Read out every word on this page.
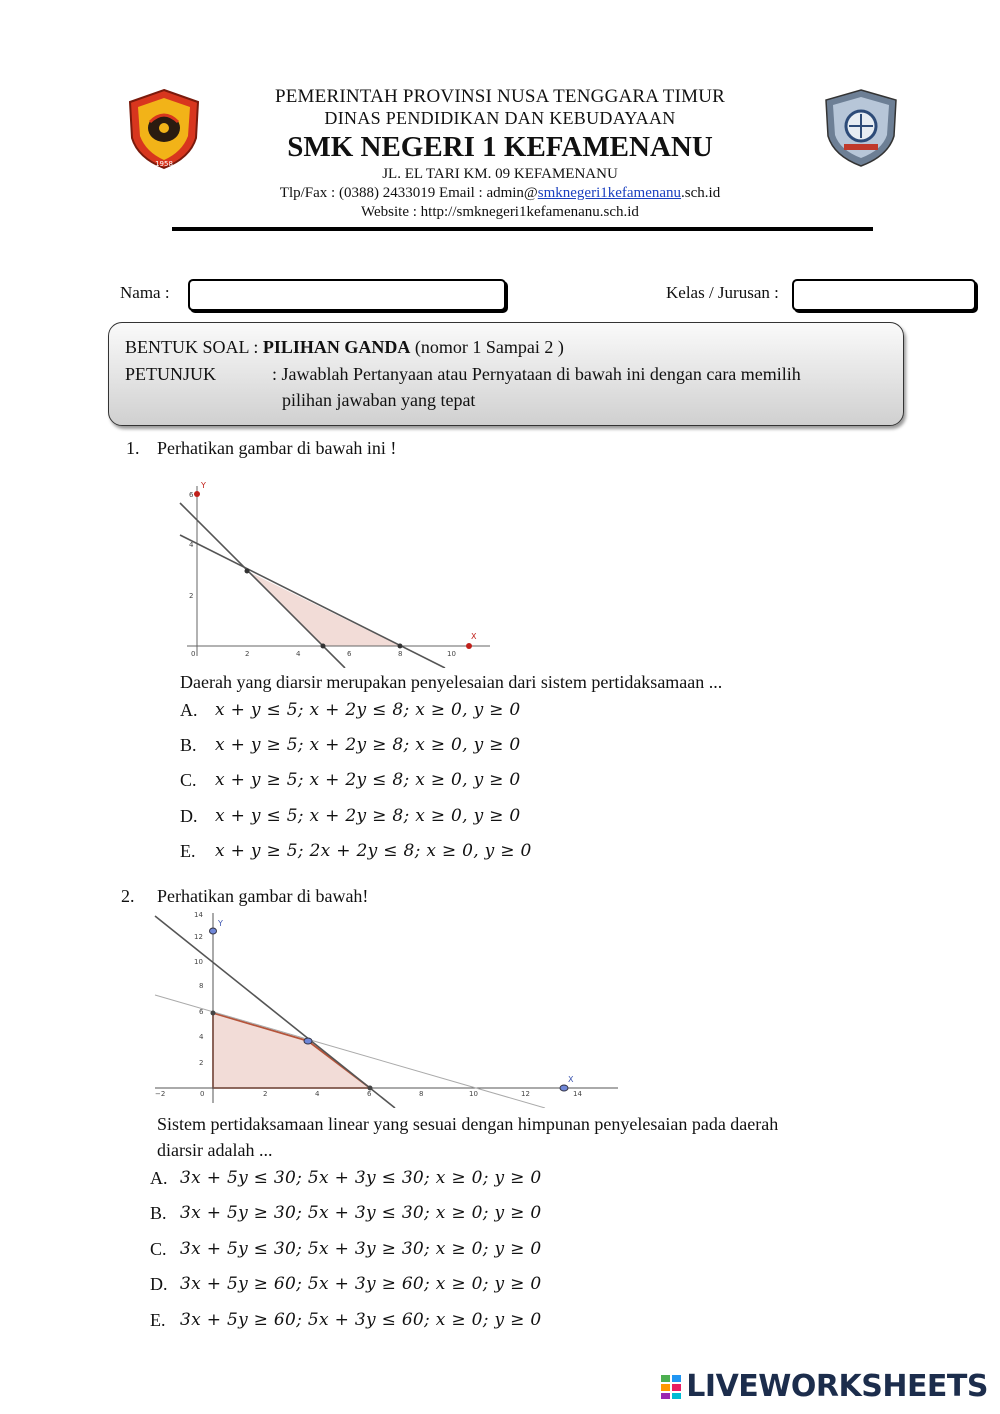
1958
PEMERINTAH PROVINSI NUSA TENGGARA TIMUR
DINAS PENDIDIKAN DAN KEBUDAYAAN
SMK NEGERI 1 KEFAMENANU
JL. EL TARI KM. 09 KEFAMENANU
Tlp/Fax : (0388) 2433019 Email : admin@smknegeri1kefamenanu.sch.id
Website : http://smknegeri1kefamenanu.sch.id
Nama :	Kelas / Jurusan :
BENTUK SOAL : PILIHAN GANDA (nomor 1 Sampai 2 )
PETUNJUK	: Jawablah Pertanyaan atau Pernyataan di bawah ini dengan cara memilih
pilihan jawaban yang tepat
1. Perhatikan gambar di bawah ini !
Y
X
0	2	4	6	8	10
2
4
6
Daerah yang diarsir merupakan penyelesaian dari sistem pertidaksamaan ...
A. x + y ≤ 5; x + 2y ≤ 8; x ≥ 0, y ≥ 0
B. x + y ≥ 5; x + 2y ≥ 8; x ≥ 0, y ≥ 0
C. x + y ≥ 5; x + 2y ≤ 8; x ≥ 0, y ≥ 0
D. x + y ≤ 5; x + 2y ≥ 8; x ≥ 0, y ≥ 0
E. x + y ≥ 5; 2x + 2y ≤ 8; x ≥ 0, y ≥ 0
2. Perhatikan gambar di bawah!
Y
X
−2	0	2	4	6	8	10	12	14
2
4
6
8
10
12
14
Sistem pertidaksamaan linear yang sesuai dengan himpunan penyelesaian pada daerah
diarsir adalah ...
A. 3x + 5y ≤ 30; 5x + 3y ≤ 30; x ≥ 0; y ≥ 0
B. 3x + 5y ≥ 30; 5x + 3y ≤ 30; x ≥ 0; y ≥ 0
C. 3x + 5y ≤ 30; 5x + 3y ≥ 30; x ≥ 0; y ≥ 0
D. 3x + 5y ≥ 60; 5x + 3y ≥ 60; x ≥ 0; y ≥ 0
E. 3x + 5y ≥ 60; 5x + 3y ≤ 60; x ≥ 0; y ≥ 0
LIVEWORKSHEETS
